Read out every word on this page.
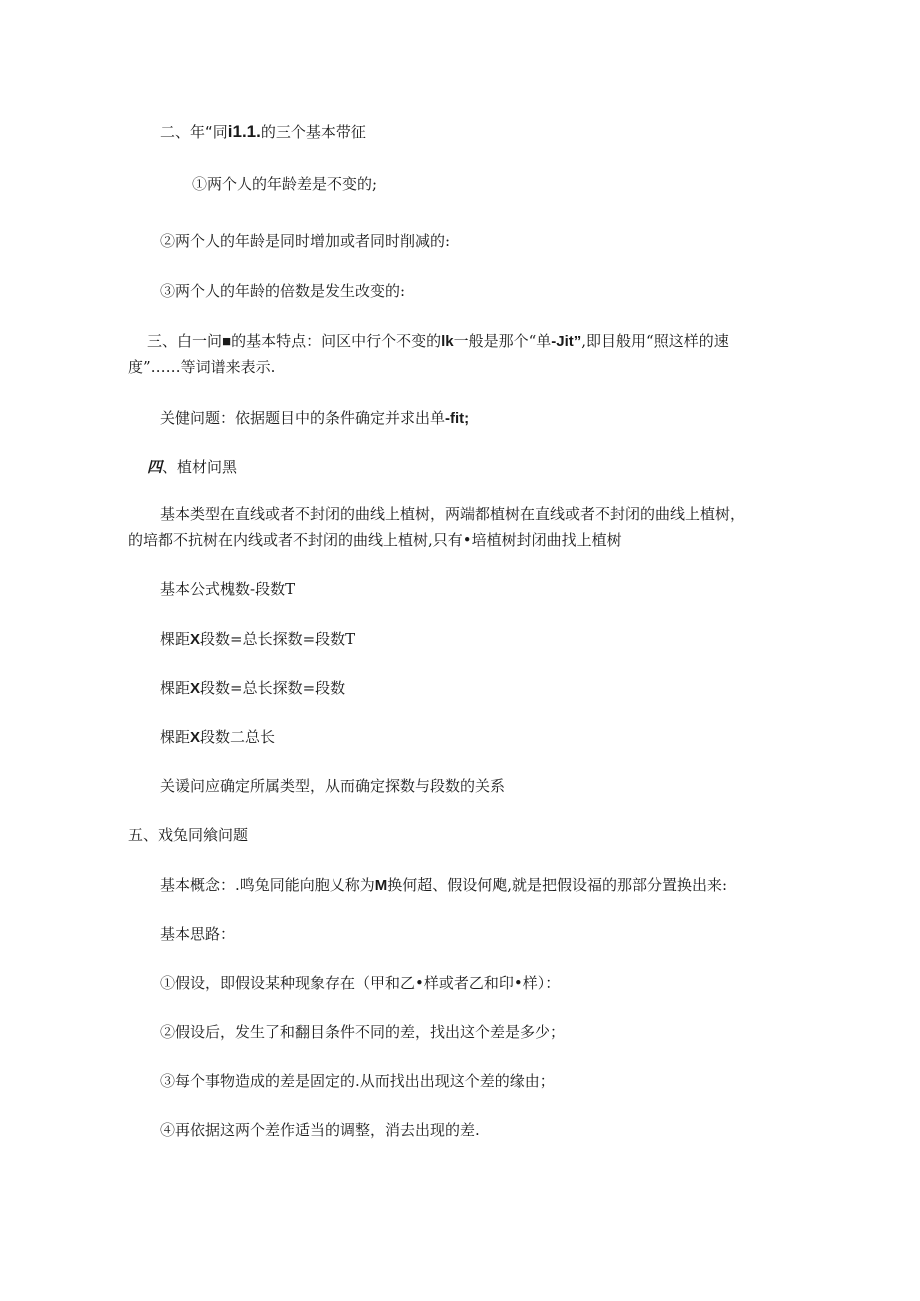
二、年“同i1.1.的三个基本带征
①两个人的年龄差是不变的;
②两个人的年龄是同时增加或者同时削减的:
③两个人的年龄的倍数是发生改变的:
三、白一问■的基本特点：问区中行个不变的lk一般是那个“单-Jit”,即目般用“照这样的速
度”……等词谱来表示.
关健问题：依据题目中的条件确定并求出单-fit;
四、植材问黑
基本类型在直线或者不封闭的曲线上植树，两端都植树在直线或者不封闭的曲线上植树，
的培都不抗树在内线或者不封闭的曲线上植树,只有•培植树封闭曲找上植树
基本公式槐数-段数T
棵距X段数=总长探数=段数T
棵距X段数=总长探数=段数
棵距X段数二总长
关谖问应确定所属类型，从而确定探数与段数的关系
五、戏兔同飨问题
基本概念：.鸣兔同能向胞乂称为M换何超、假设何飑,就是把假设福的那部分置换出来:
基本思路：
①假设，即假设某种现象存在（甲和乙•样或者乙和印•样）：
②假设后，发生了和翻目条件不同的差，找出这个差是多少；
③每个事物造成的差是固定的.从而找出出现这个差的缘由；
④再依据这两个差作适当的调整，消去出现的差.
